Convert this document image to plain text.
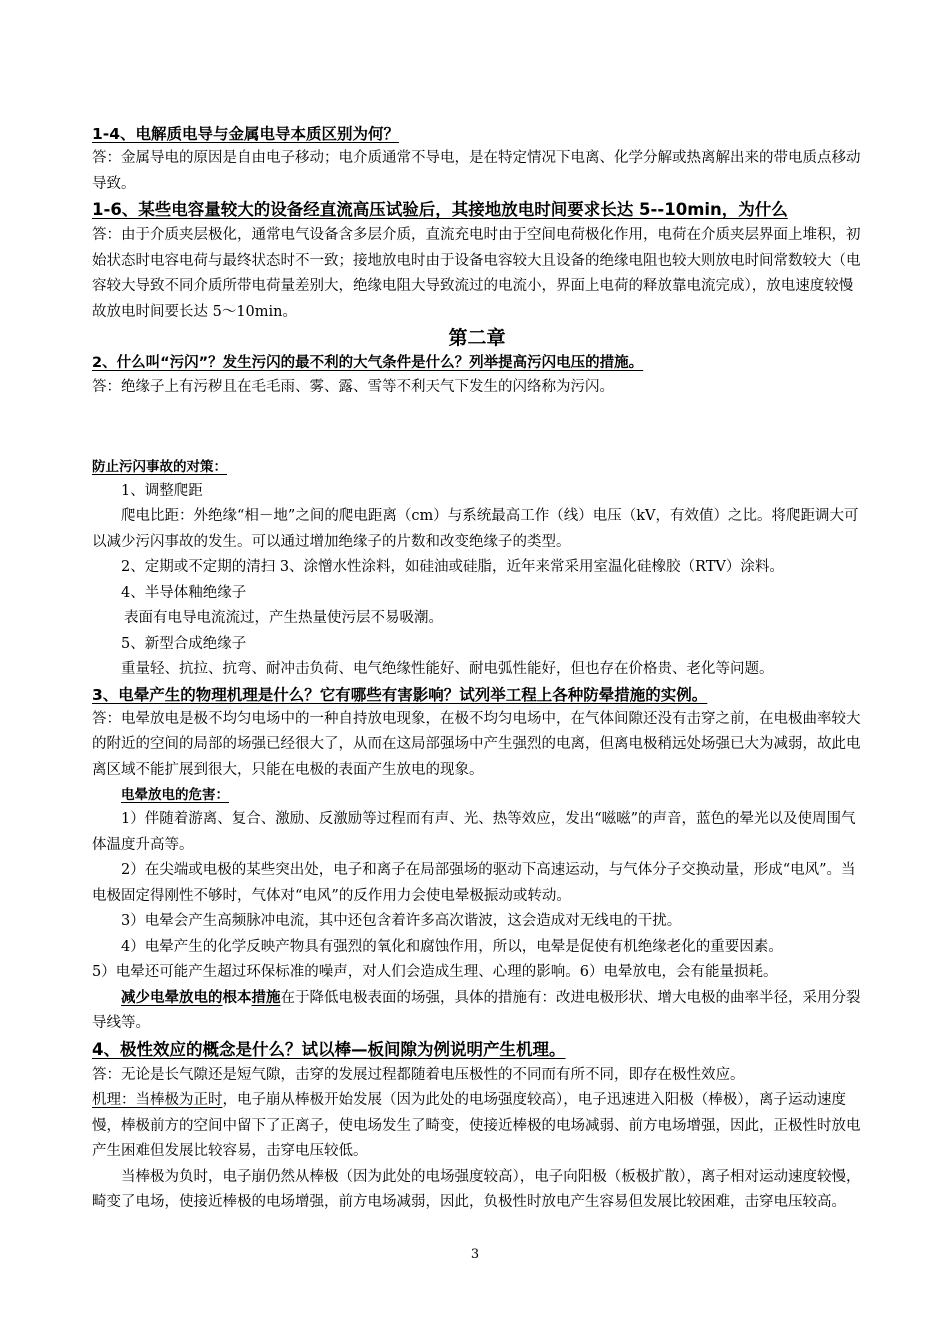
1-4、电解质电导与金属电导本质区别为何？

答：金属导电的原因是自由电子移动；电介质通常不导电，是在特定情况下电离、化学分解或热离解出来的带电质点移动导致。

1-6、某些电容量较大的设备经直流高压试验后，其接地放电时间要求长达 5--10min，为什么

答：由于介质夹层极化，通常电气设备含多层介质，直流充电时由于空间电荷极化作用，电荷在介质夹层界面上堆积，初始状态时电容电荷与最终状态时不一致；接地放电时由于设备电容较大且设备的绝缘电阻也较大则放电时间常数较大（电容较大导致不同介质所带电荷量差别大，绝缘电阻大导致流过的电流小，界面上电荷的释放靠电流完成），放电速度较慢故放电时间要长达 5～10min。

第二章

2、什么叫“污闪”？发生污闪的最不利的大气条件是什么？列举提高污闪电压的措施。

答：绝缘子上有污秽且在毛毛雨、雾、露、雪等不利天气下发生的闪络称为污闪。

防止污闪事故的对策：

1、调整爬距

爬电比距：外绝缘“相－地”之间的爬电距离（cm）与系统最高工作（线）电压（kV，有效值）之比。将爬距调大可以减少污闪事故的发生。可以通过增加绝缘子的片数和改变绝缘子的类型。

2、定期或不定期的清扫 3、涂憎水性涂料，如硅油或硅脂，近年来常采用室温化硅橡胶（RTV）涂料。

4、半导体釉绝缘子

表面有电导电流流过，产生热量使污层不易吸潮。

5、新型合成绝缘子

重量轻、抗拉、抗弯、耐冲击负荷、电气绝缘性能好、耐电弧性能好，但也存在价格贵、老化等问题。

3、电晕产生的物理机理是什么？它有哪些有害影响？试列举工程上各种防晕措施的实例。

答：电晕放电是极不均匀电场中的一种自持放电现象，在极不均匀电场中，在气体间隙还没有击穿之前，在电极曲率较大的附近的空间的局部的场强已经很大了，从而在这局部强场中产生强烈的电离，但离电极稍远处场强已大为减弱，故此电离区域不能扩展到很大，只能在电极的表面产生放电的现象。

电晕放电的危害：

1）伴随着游离、复合、激励、反激励等过程而有声、光、热等效应，发出“嗞嗞”的声音，蓝色的晕光以及使周围气体温度升高等。

2）在尖端或电极的某些突出处，电子和离子在局部强场的驱动下高速运动，与气体分子交换动量，形成“电风”。当电极固定得刚性不够时，气体对“电风”的反作用力会使电晕极振动或转动。

3）电晕会产生高频脉冲电流，其中还包含着许多高次谐波，这会造成对无线电的干扰。

4）电晕产生的化学反映产物具有强烈的氧化和腐蚀作用，所以，电晕是促使有机绝缘老化的重要因素。

5）电晕还可能产生超过环保标准的噪声，对人们会造成生理、心理的影响。6）电晕放电，会有能量损耗。

减少电晕放电的根本措施在于降低电极表面的场强，具体的措施有：改进电极形状、增大电极的曲率半径，采用分裂导线等。

4、极性效应的概念是什么？试以棒—板间隙为例说明产生机理。

答：无论是长气隙还是短气隙，击穿的发展过程都随着电压极性的不同而有所不同，即存在极性效应。

机理：当棒极为正时，电子崩从棒极开始发展（因为此处的电场强度较高），电子迅速进入阳极（棒极），离子运动速度慢，棒极前方的空间中留下了正离子，使电场发生了畸变，使接近棒极的电场减弱、前方电场增强，因此，正极性时放电产生困难但发展比较容易，击穿电压较低。

当棒极为负时，电子崩仍然从棒极（因为此处的电场强度较高），电子向阳极（板极扩散），离子相对运动速度较慢，畸变了电场，使接近棒极的电场增强，前方电场减弱，因此，负极性时放电产生容易但发展比较困难，击穿电压较高。

3
